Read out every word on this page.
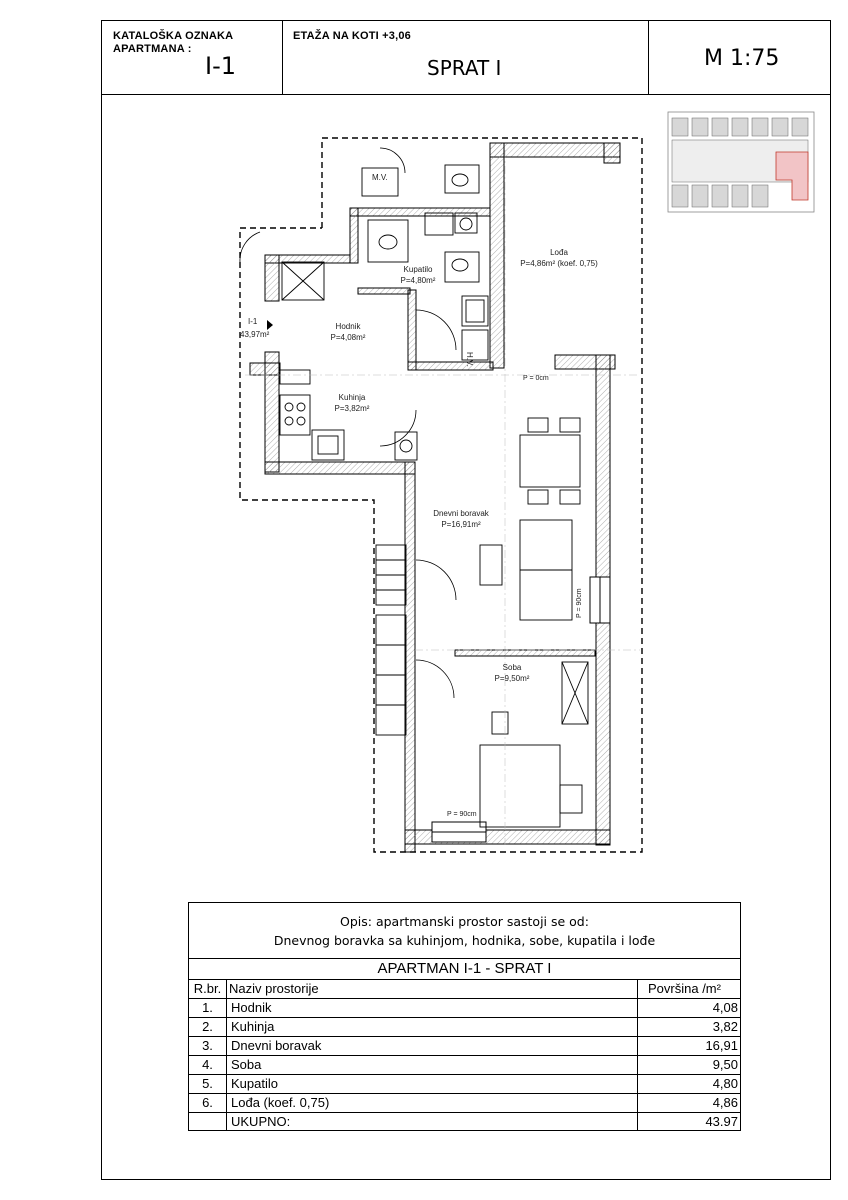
KATALOŠKA OZNAKA
APARTMANA :
I-1
ETAŽA NA KOTI +3,06
SPRAT I	M 1:75
M.V.
H.V.
Kupatilo
P=4,80m²
Lođa
P=4,86m² (koef. 0,75)
Hodnik
P=4,08m²
Kuhinja
P=3,82m²
Dnevni boravak
P=16,91m²
Soba
P=9,50m²
I-1
43,97m²
P = 0cm
P = 90cm
P = 90cm
Opis: apartmanski prostor sastoji se od:
Dnevnog boravka sa kuhinjom, hodnika, sobe, kupatila i lođe
APARTMAN I-1 - SPRAT I
R.br. Naziv prostorije	Površina /m²
1.	Hodnik	4,08
2.	Kuhinja	3,82
3.	Dnevni boravak	16,91
4.	Soba	9,50
5.	Kupatilo	4,80
6.	Lođa (koef. 0,75)	4,86
UKUPNO:	43.97
